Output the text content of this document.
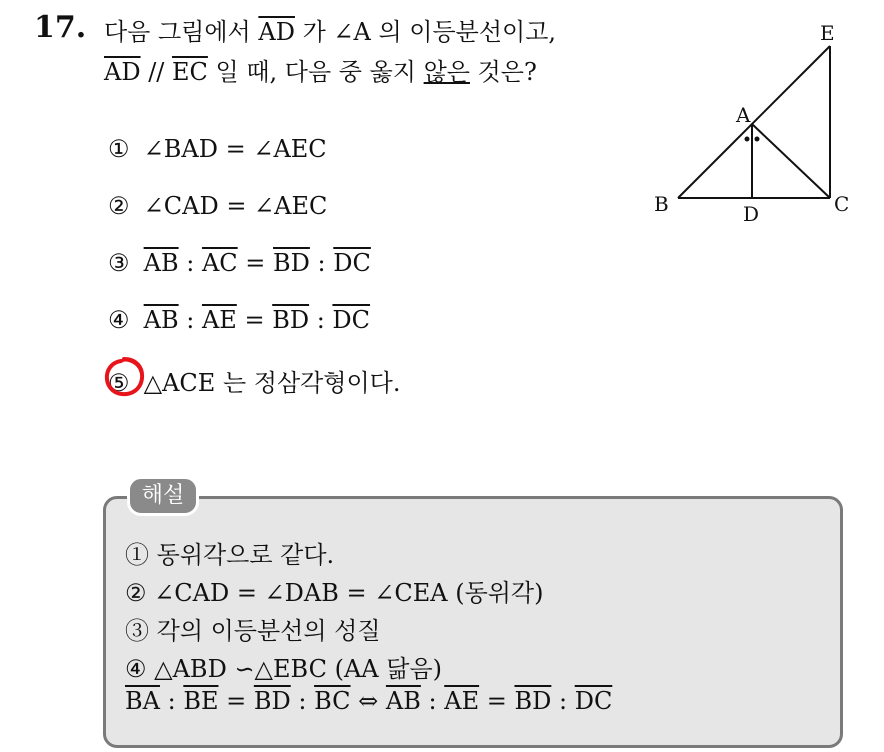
17. 다음 그림에서 $\overline{AD}$ 가 ∠A 의 이등분선이고,
$\overline{AD} // \overline{EC}$ 일 때, 다음 중 옳지 않은 것은?
① ∠BAD = ∠AEC
② ∠CAD = ∠AEC
③ $\overline{AB}$ : $\overline{AC} = \overline{BD}$ : $\overline{DC}$
④ $\overline{AB}$ : $\overline{AE} = \overline{BD}$ : $\overline{DC}$
⑤ △ACE 는 정삼각형이다.
E
A
B	D	C
해설
① 동위각으로 같다.
② ∠CAD = ∠DAB = ∠CEA (동위각)
③ 각의 이등분선의 성질
④ △ABD ∽△EBC (AA 닮음)
$\overline{BA}$ : $\overline{BE} = \overline{BD}$ : $\overline{BC}$ ⇔ $\overline{AB}$ : $\overline{AE} = \overline{BD}$ : $\overline{DC}$
